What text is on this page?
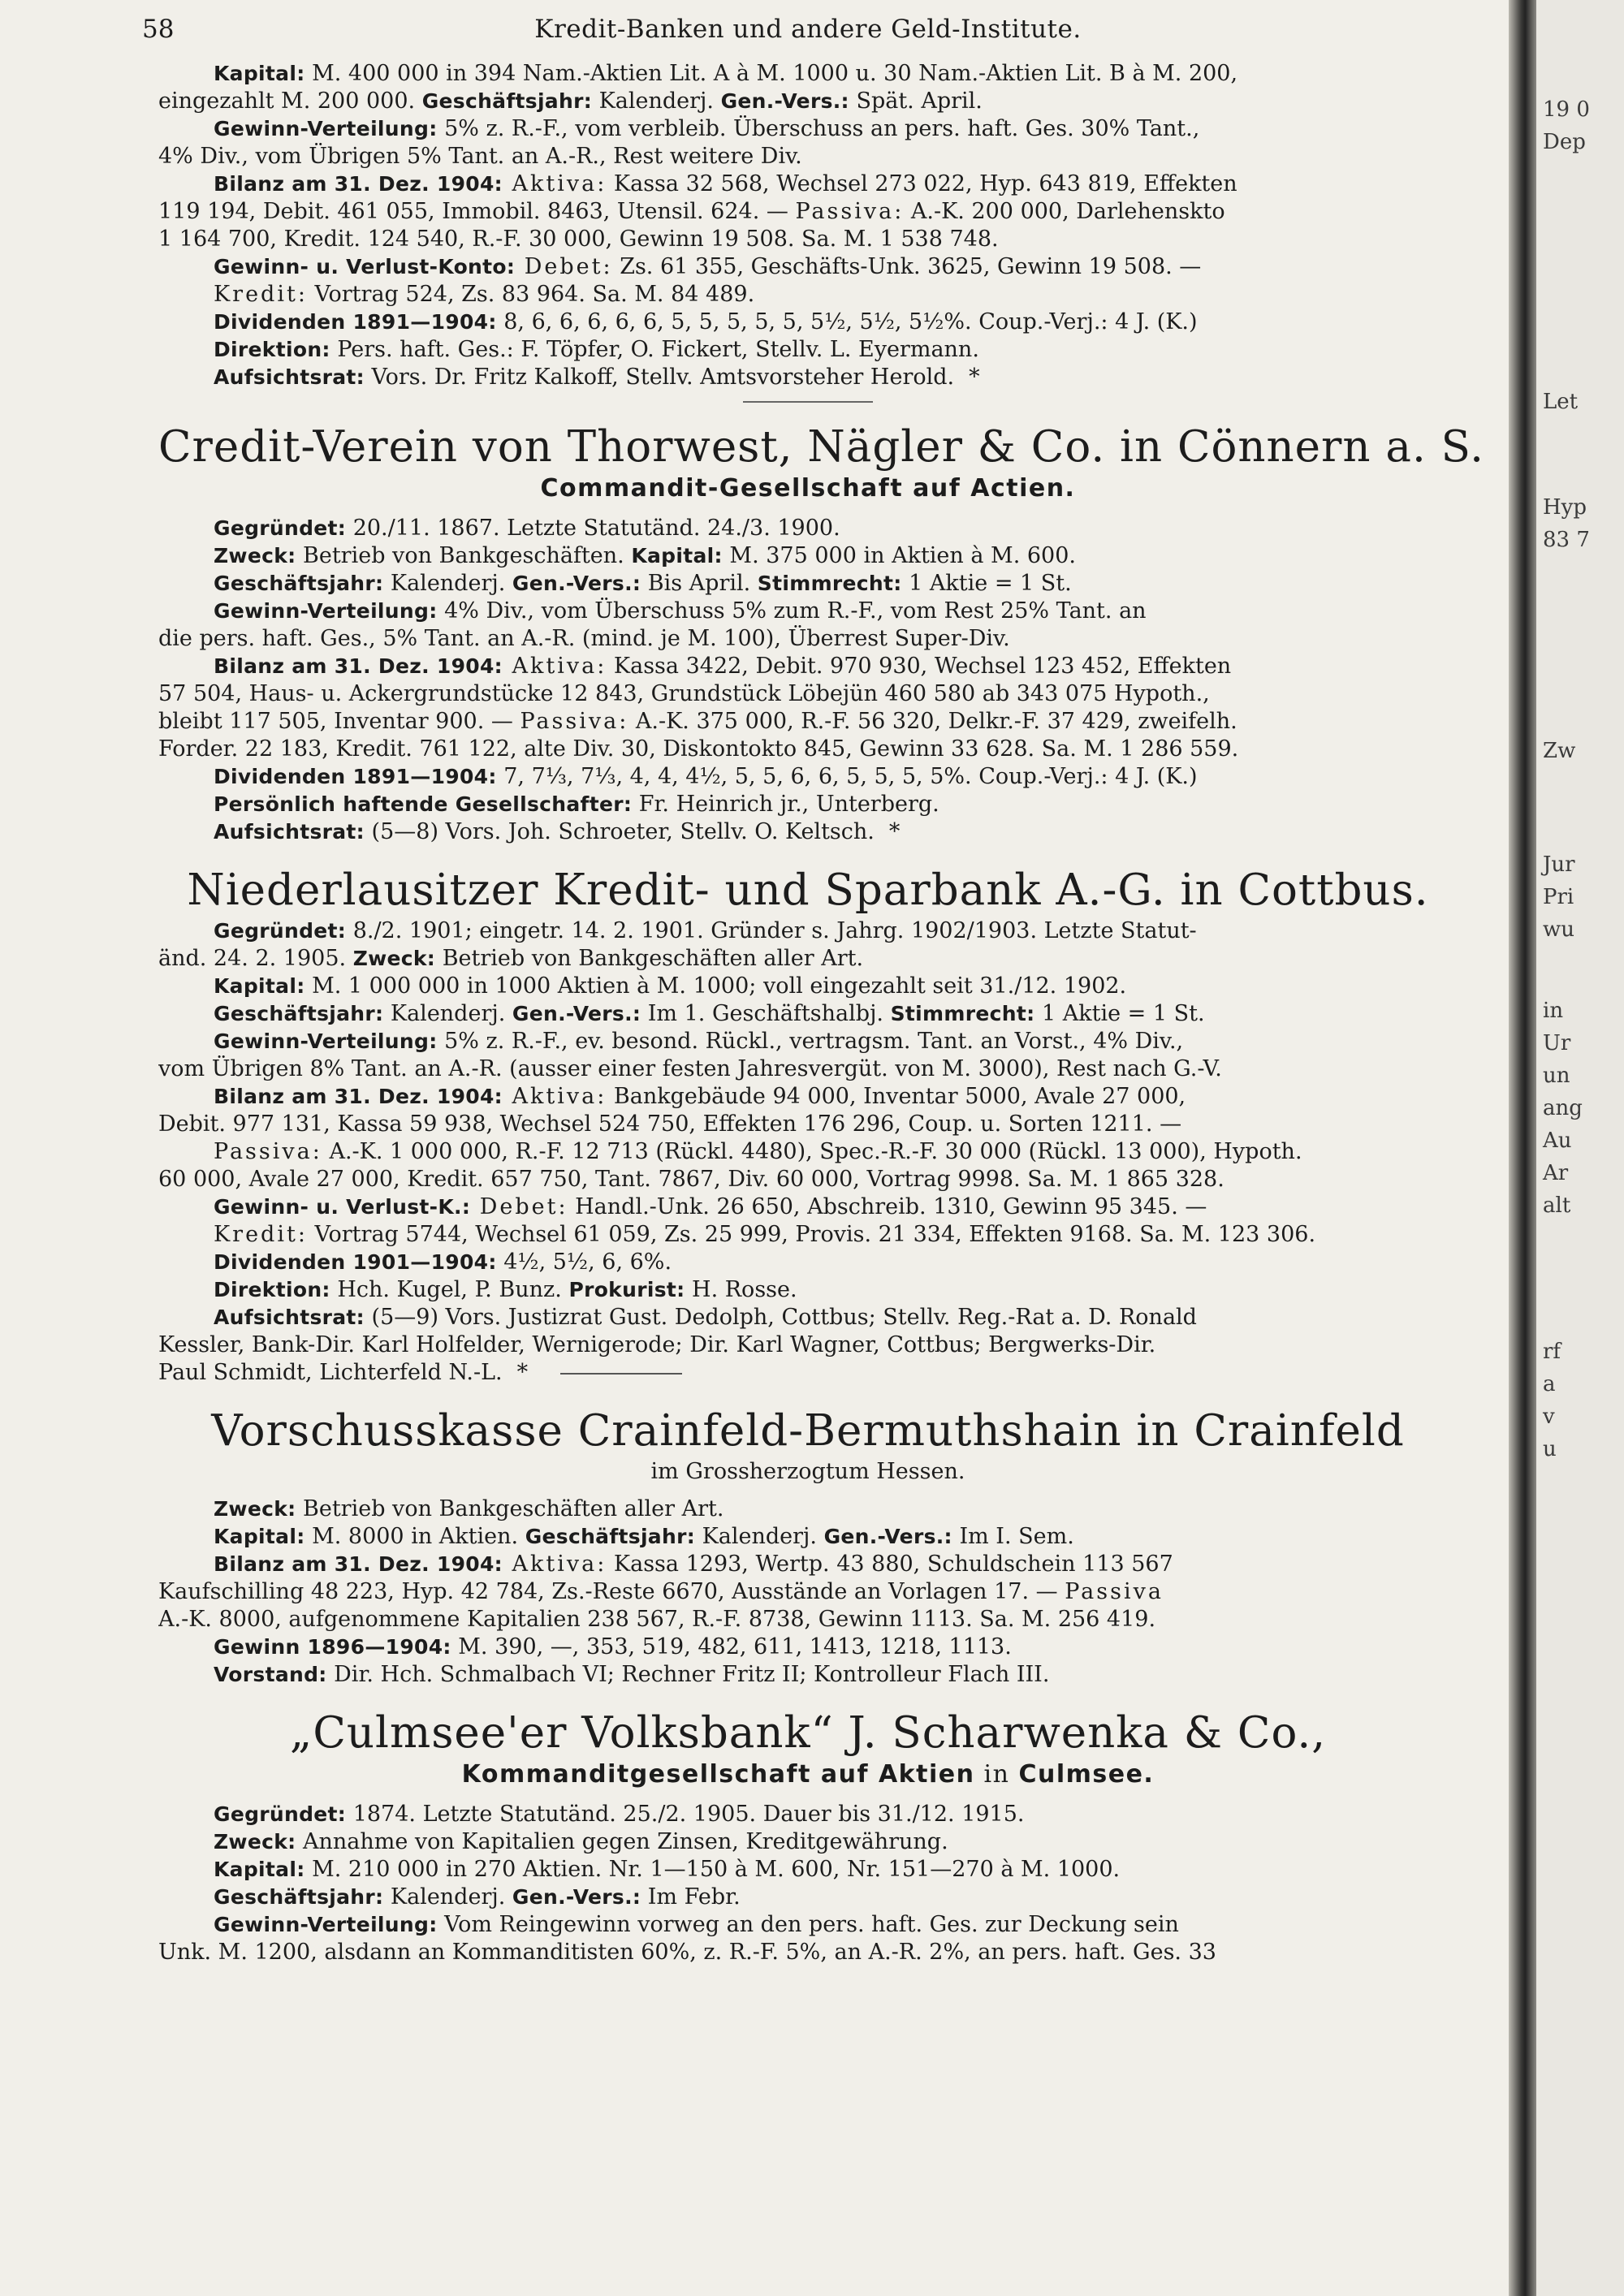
58	Kredit-Banken und andere Geld-Institute.
Kapital: M. 400 000 in 394 Nam.-Aktien Lit. A à M. 1000 u. 30 Nam.-Aktien Lit. B à M. 200,
eingezahlt M. 200 000. Geschäftsjahr: Kalenderj. Gen.-Vers.: Spät. April.
Gewinn-Verteilung: 5% z. R.-F., vom verbleib. Überschuss an pers. haft. Ges. 30% Tant.,
4% Div., vom Übrigen 5% Tant. an A.-R., Rest weitere Div.
Bilanz am 31. Dez. 1904: Aktiva: Kassa 32 568, Wechsel 273 022, Hyp. 643 819, Effekten
119 194, Debit. 461 055, Immobil. 8463, Utensil. 624. — Passiva: A.-K. 200 000, Darlehenskto
1 164 700, Kredit. 124 540, R.-F. 30 000, Gewinn 19 508. Sa. M. 1 538 748.
Gewinn- u. Verlust-Konto: Debet: Zs. 61 355, Geschäfts-Unk. 3625, Gewinn 19 508. —
Kredit: Vortrag 524, Zs. 83 964. Sa. M. 84 489.
Dividenden 1891—1904: 8, 6, 6, 6, 6, 6, 5, 5, 5, 5, 5, 5½, 5½, 5½%. Coup.-Verj.: 4 J. (K.)
Direktion: Pers. haft. Ges.: F. Töpfer, O. Fickert, Stellv. L. Eyermann.
Aufsichtsrat: Vors. Dr. Fritz Kalkoff, Stellv. Amtsvorsteher Herold. *
Credit-Verein von Thorwest, Nägler & Co. in Cönnern a. S.
Commandit-Gesellschaft auf Actien.
Gegründet: 20./11. 1867. Letzte Statutänd. 24./3. 1900.
Zweck: Betrieb von Bankgeschäften. Kapital: M. 375 000 in Aktien à M. 600.
Geschäftsjahr: Kalenderj. Gen.-Vers.: Bis April. Stimmrecht: 1 Aktie = 1 St.
Gewinn-Verteilung: 4% Div., vom Überschuss 5% zum R.-F., vom Rest 25% Tant. an
die pers. haft. Ges., 5% Tant. an A.-R. (mind. je M. 100), Überrest Super-Div.
Bilanz am 31. Dez. 1904: Aktiva: Kassa 3422, Debit. 970 930, Wechsel 123 452, Effekten
57 504, Haus- u. Ackergrundstücke 12 843, Grundstück Löbejün 460 580 ab 343 075 Hypoth.,
bleibt 117 505, Inventar 900. — Passiva: A.-K. 375 000, R.-F. 56 320, Delkr.-F. 37 429, zweifelh.
Forder. 22 183, Kredit. 761 122, alte Div. 30, Diskontokto 845, Gewinn 33 628. Sa. M. 1 286 559.
Dividenden 1891—1904: 7, 7⅓, 7⅓, 4, 4, 4½, 5, 5, 6, 6, 5, 5, 5, 5%. Coup.-Verj.: 4 J. (K.)
Persönlich haftende Gesellschafter: Fr. Heinrich jr., Unterberg.
Aufsichtsrat: (5—8) Vors. Joh. Schroeter, Stellv. O. Keltsch. *
Niederlausitzer Kredit- und Sparbank A.-G. in Cottbus.
Gegründet: 8./2. 1901; eingetr. 14. 2. 1901. Gründer s. Jahrg. 1902/1903. Letzte Statut-
änd. 24. 2. 1905. Zweck: Betrieb von Bankgeschäften aller Art.
Kapital: M. 1 000 000 in 1000 Aktien à M. 1000; voll eingezahlt seit 31./12. 1902.
Geschäftsjahr: Kalenderj. Gen.-Vers.: Im 1. Geschäftshalbj. Stimmrecht: 1 Aktie = 1 St.
Gewinn-Verteilung: 5% z. R.-F., ev. besond. Rückl., vertragsm. Tant. an Vorst., 4% Div.,
vom Übrigen 8% Tant. an A.-R. (ausser einer festen Jahresvergüt. von M. 3000), Rest nach G.-V.
Bilanz am 31. Dez. 1904: Aktiva: Bankgebäude 94 000, Inventar 5000, Avale 27 000,
Debit. 977 131, Kassa 59 938, Wechsel 524 750, Effekten 176 296, Coup. u. Sorten 1211. —
Passiva: A.-K. 1 000 000, R.-F. 12 713 (Rückl. 4480), Spec.-R.-F. 30 000 (Rückl. 13 000), Hypoth.
60 000, Avale 27 000, Kredit. 657 750, Tant. 7867, Div. 60 000, Vortrag 9998. Sa. M. 1 865 328.
Gewinn- u. Verlust-K.: Debet: Handl.-Unk. 26 650, Abschreib. 1310, Gewinn 95 345. —
Kredit: Vortrag 5744, Wechsel 61 059, Zs. 25 999, Provis. 21 334, Effekten 9168. Sa. M. 123 306.
Dividenden 1901—1904: 4½, 5½, 6, 6%.
Direktion: Hch. Kugel, P. Bunz. Prokurist: H. Rosse.
Aufsichtsrat: (5—9) Vors. Justizrat Gust. Dedolph, Cottbus; Stellv. Reg.-Rat a. D. Ronald
Kessler, Bank-Dir. Karl Holfelder, Wernigerode; Dir. Karl Wagner, Cottbus; Bergwerks-Dir.
Paul Schmidt, Lichterfeld N.-L. *
Vorschusskasse Crainfeld-Bermuthshain in Crainfeld
im Grossherzogtum Hessen.
Zweck: Betrieb von Bankgeschäften aller Art.
Kapital: M. 8000 in Aktien. Geschäftsjahr: Kalenderj. Gen.-Vers.: Im I. Sem.
Bilanz am 31. Dez. 1904: Aktiva: Kassa 1293, Wertp. 43 880, Schuldschein 113 567
Kaufschilling 48 223, Hyp. 42 784, Zs.-Reste 6670, Ausstände an Vorlagen 17. — Passiva
A.-K. 8000, aufgenommene Kapitalien 238 567, R.-F. 8738, Gewinn 1113. Sa. M. 256 419.
Gewinn 1896—1904: M. 390, —, 353, 519, 482, 611, 1413, 1218, 1113.
Vorstand: Dir. Hch. Schmalbach VI; Rechner Fritz II; Kontrolleur Flach III.
„Culmsee'er Volksbank“ J. Scharwenka & Co.,
Kommanditgesellschaft auf Aktien in Culmsee.
Gegründet: 1874. Letzte Statutänd. 25./2. 1905. Dauer bis 31./12. 1915.
Zweck: Annahme von Kapitalien gegen Zinsen, Kreditgewährung.
Kapital: M. 210 000 in 270 Aktien. Nr. 1—150 à M. 600, Nr. 151—270 à M. 1000.
Geschäftsjahr: Kalenderj. Gen.-Vers.: Im Febr.
Gewinn-Verteilung: Vom Reingewinn vorweg an den pers. haft. Ges. zur Deckung sein
Unk. M. 1200, alsdann an Kommanditisten 60%, z. R.-F. 5%, an A.-R. 2%, an pers. haft. Ges. 33
19 0
Dep
Let
Hyp
83 7
Zw
Jur
Pri
wu
in
Ur
un
ang
Au
Ar
alt
rf
a
v
u
